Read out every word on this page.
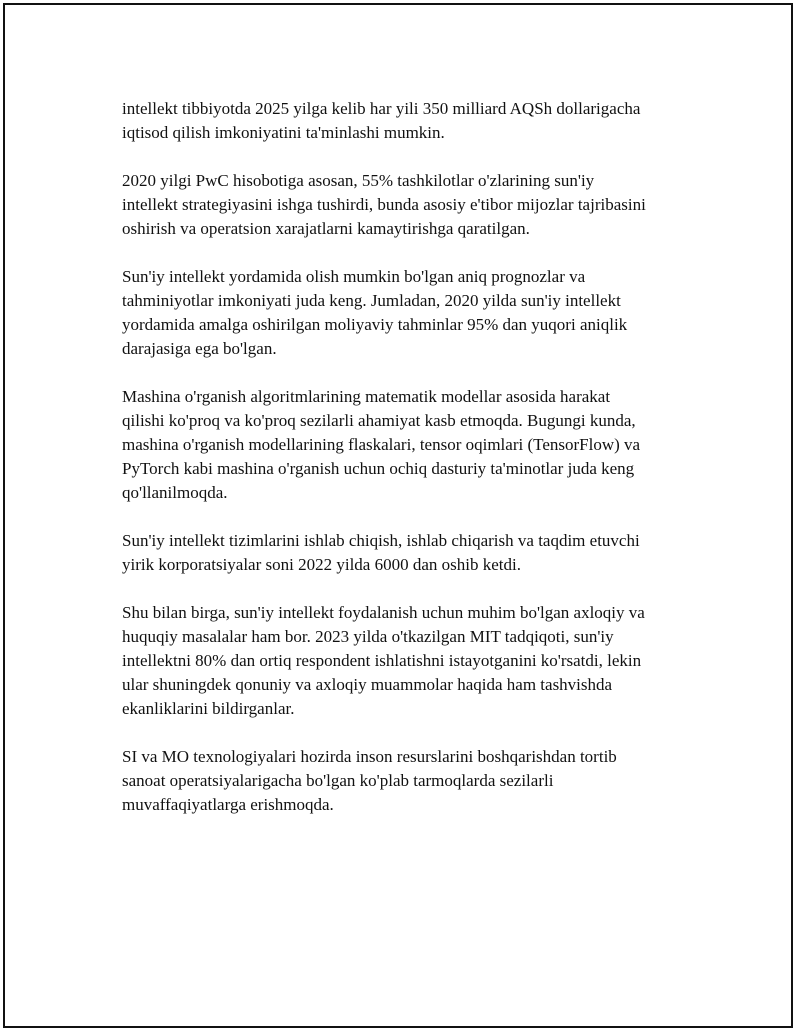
intellekt tibbiyotda 2025 yilga kelib har yili 350 milliard AQSh dollarigacha
iqtisod qilish imkoniyatini ta'minlashi mumkin.

2020 yilgi PwC hisobotiga asosan, 55% tashkilotlar o'zlarining sun'iy
intellekt strategiyasini ishga tushirdi, bunda asosiy e'tibor mijozlar tajribasini
oshirish va operatsion xarajatlarni kamaytirishga qaratilgan.

Sun'iy intellekt yordamida olish mumkin bo'lgan aniq prognozlar va
tahminiyotlar imkoniyati juda keng. Jumladan, 2020 yilda sun'iy intellekt
yordamida amalga oshirilgan moliyaviy tahminlar 95% dan yuqori aniqlik
darajasiga ega bo'lgan.

Mashina o'rganish algoritmlarining matematik modellar asosida harakat
qilishi ko'proq va ko'proq sezilarli ahamiyat kasb etmoqda. Bugungi kunda,
mashina o'rganish modellarining flaskalari, tensor oqimlari (TensorFlow) va
PyTorch kabi mashina o'rganish uchun ochiq dasturiy ta'minotlar juda keng
qo'llanilmoqda.

Sun'iy intellekt tizimlarini ishlab chiqish, ishlab chiqarish va taqdim etuvchi
yirik korporatsiyalar soni 2022 yilda 6000 dan oshib ketdi.

Shu bilan birga, sun'iy intellekt foydalanish uchun muhim bo'lgan axloqiy va
huquqiy masalalar ham bor. 2023 yilda o'tkazilgan MIT tadqiqoti, sun'iy
intellektni 80% dan ortiq respondent ishlatishni istayotganini ko'rsatdi, lekin
ular shuningdek qonuniy va axloqiy muammolar haqida ham tashvishda
ekanliklarini bildirganlar.

SI va MO texnologiyalari hozirda inson resurslarini boshqarishdan tortib
sanoat operatsiyalarigacha bo'lgan ko'plab tarmoqlarda sezilarli
muvaffaqiyatlarga erishmoqda.
